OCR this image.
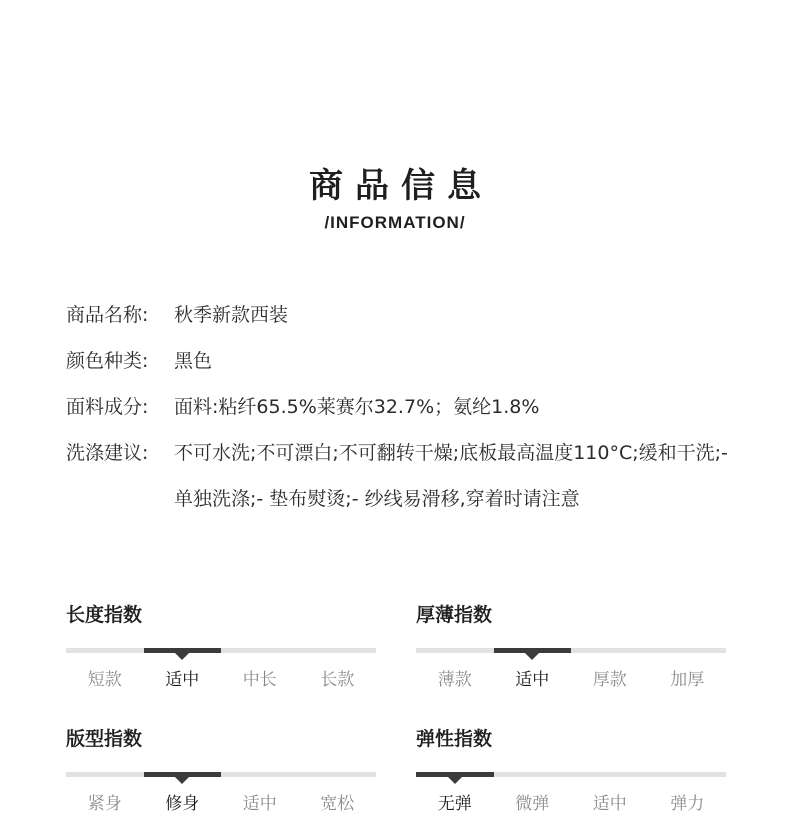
商品信息
/INFORMATION/
商品名称:	秋季新款西装
颜色种类:	黑色
面料成分:	面料:粘纤65.5%莱赛尔32.7%；氨纶1.8%
洗涤建议:	不可水洗;不可漂白;不可翻转干燥;底板最高温度110°C;缓和干洗;- 单独洗涤;- 垫布熨烫;- 纱线易滑移,穿着时请注意
长度指数
短款	适中	中长	长款
厚薄指数
薄款	适中	厚款	加厚
版型指数
紧身	修身	适中	宽松
弹性指数
无弹	微弹	适中	弹力
